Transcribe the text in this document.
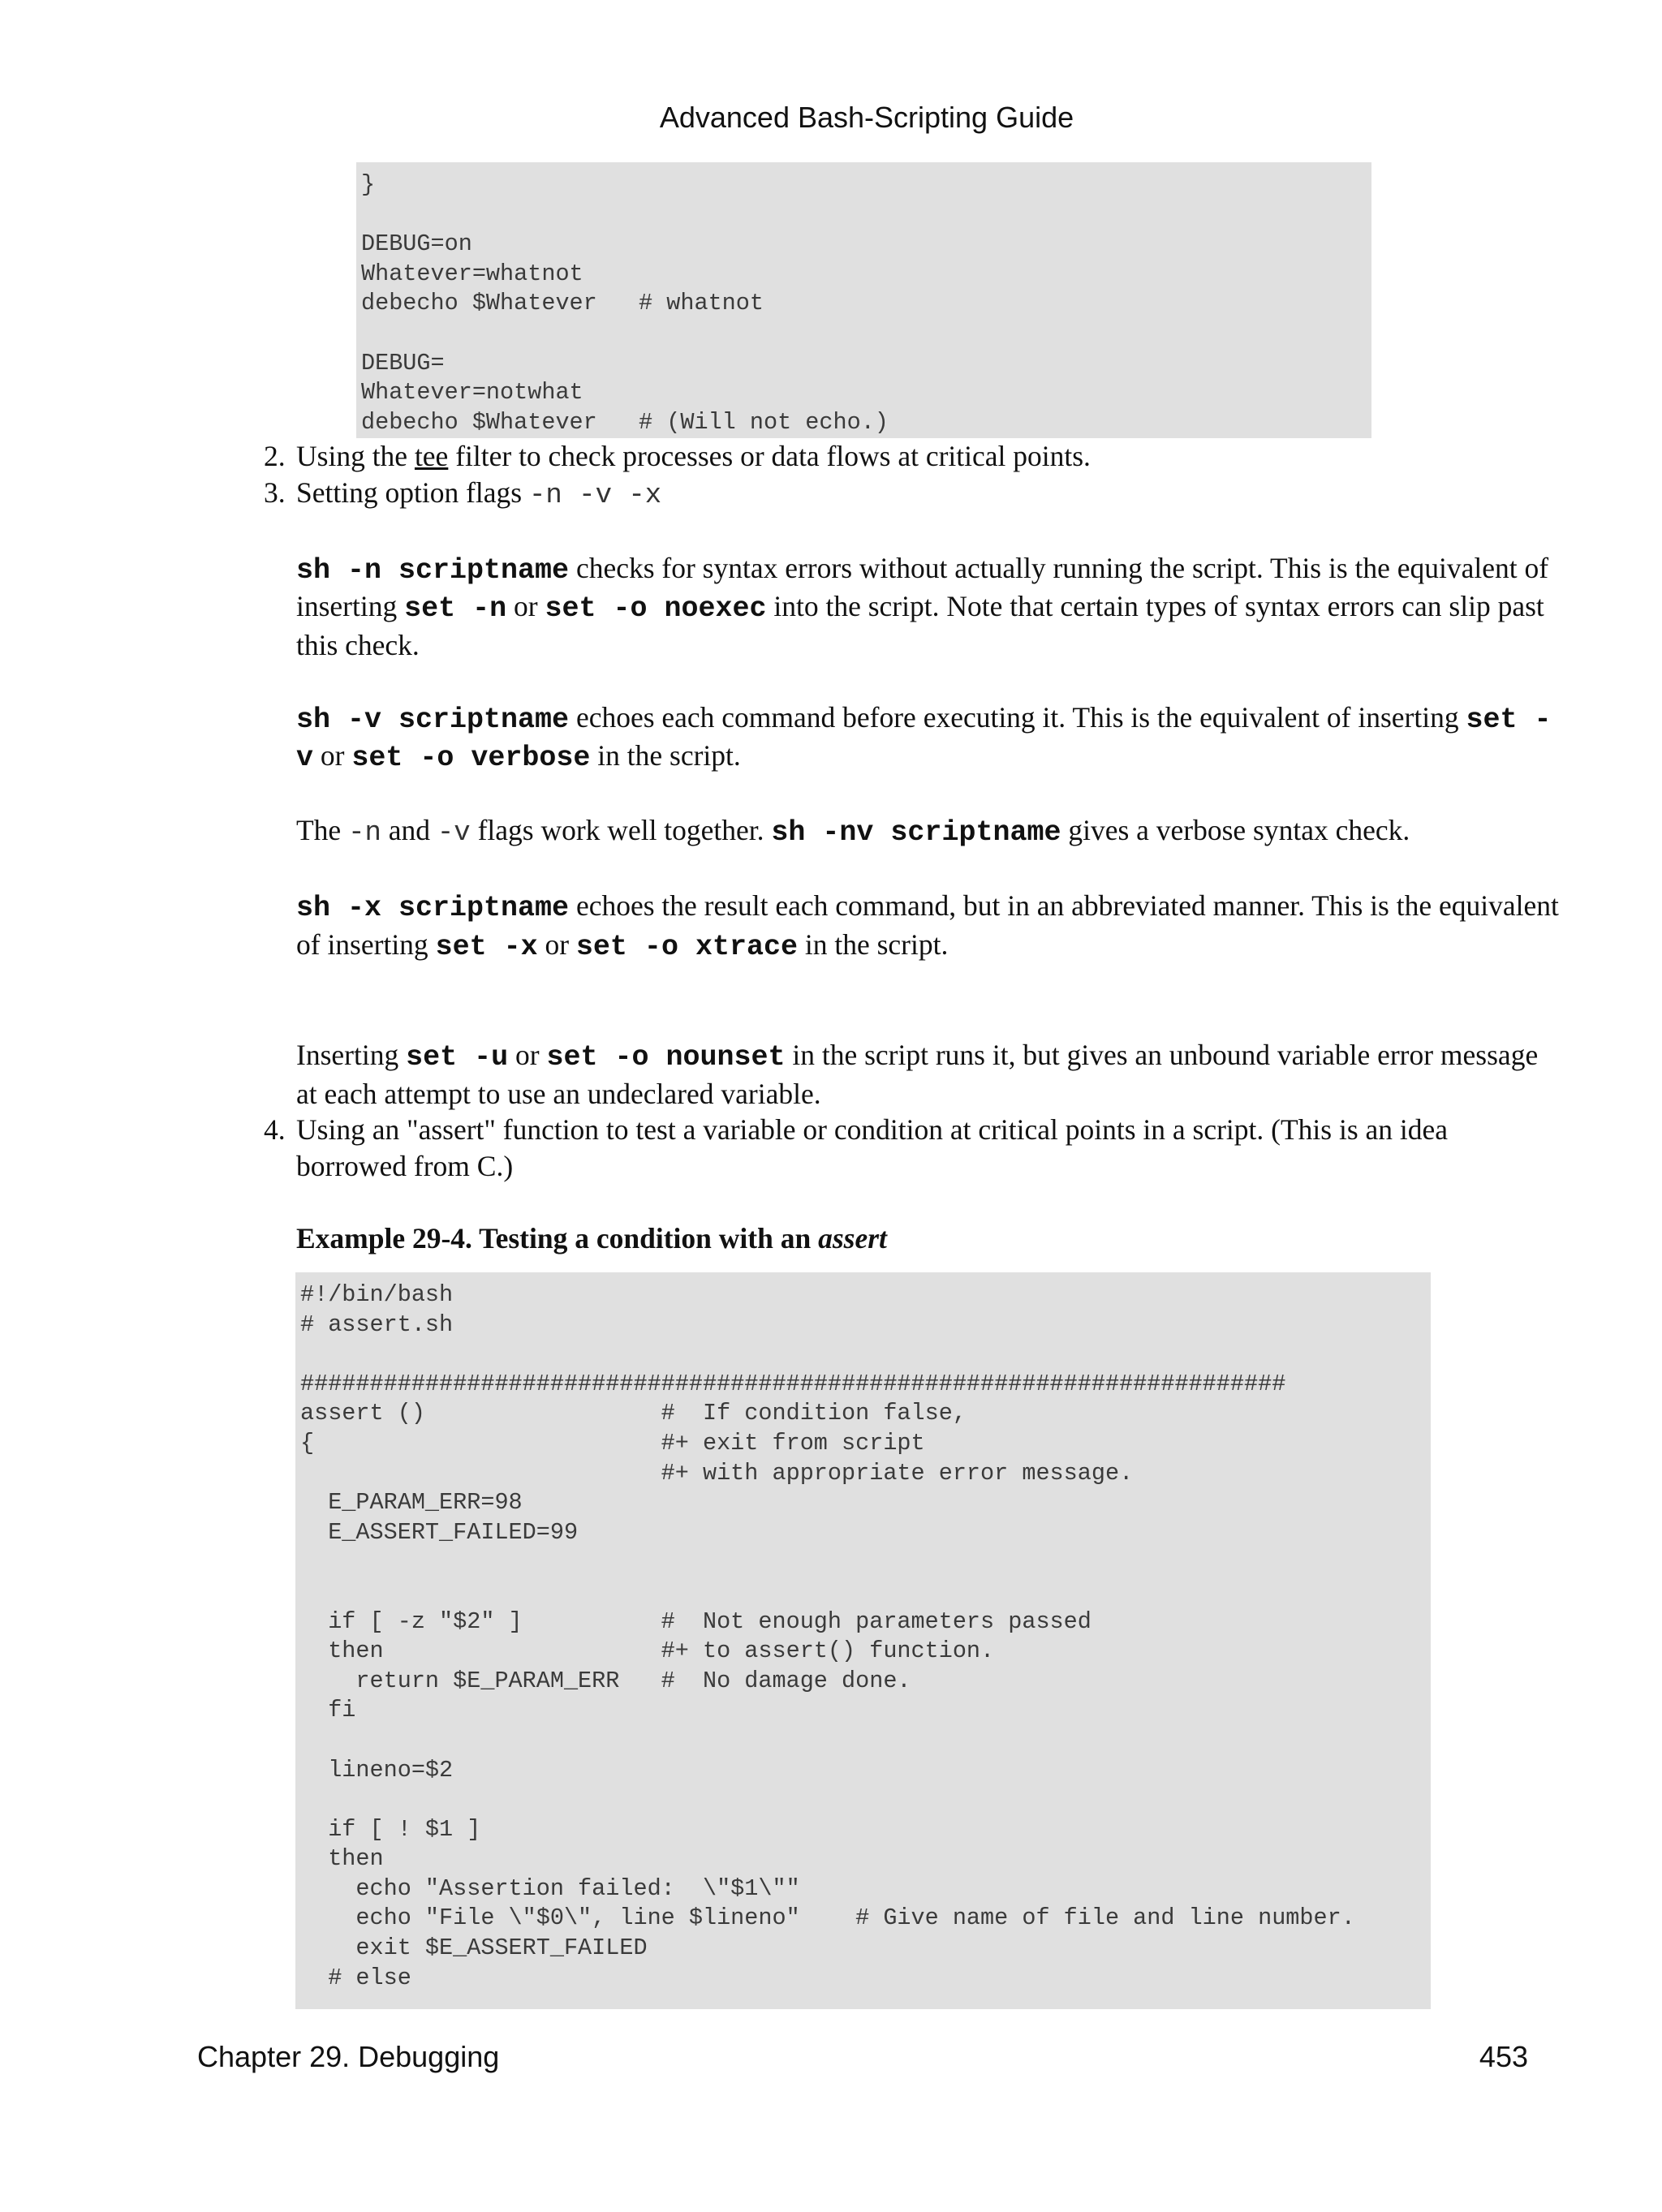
Advanced Bash-Scripting Guide
}

DEBUG=on
Whatever=whatnot
debecho $Whatever   # whatnot

DEBUG=
Whatever=notwhat
debecho $Whatever   # (Will not echo.)
2. Using the tee filter to check processes or data flows at critical points.
3. Setting option flags -n -v -x

sh -n scriptname checks for syntax errors without actually running the script. This is the equivalent of inserting set -n or set -o noexec into the script. Note that certain types of syntax errors can slip past this check.

sh -v scriptname echoes each command before executing it. This is the equivalent of inserting set -v or set -o verbose in the script.

The -n and -v flags work well together. sh -nv scriptname gives a verbose syntax check.

sh -x scriptname echoes the result each command, but in an abbreviated manner. This is the equivalent of inserting set -x or set -o xtrace in the script.

Inserting set -u or set -o nounset in the script runs it, but gives an unbound variable error message at each attempt to use an undeclared variable.

4. Using an "assert" function to test a variable or condition at critical points in a script. (This is an idea borrowed from C.)
Example 29-4. Testing a condition with an assert
#!/bin/bash
# assert.sh

#######################################################################
assert ()                 #  If condition false,
{                         #+ exit from script
#+ with appropriate error message.
E_PARAM_ERR=98
E_ASSERT_FAILED=99

if [ -z "$2" ]          #  Not enough parameters passed
then                    #+ to assert() function.
return $E_PARAM_ERR   #  No damage done.
fi

lineno=$2

if [ ! $1 ]
then
echo "Assertion failed:  \"$1\""
echo "File \"$0\", line $lineno"    # Give name of file and line number.
exit $E_ASSERT_FAILED
# else
Chapter 29. Debugging	453
